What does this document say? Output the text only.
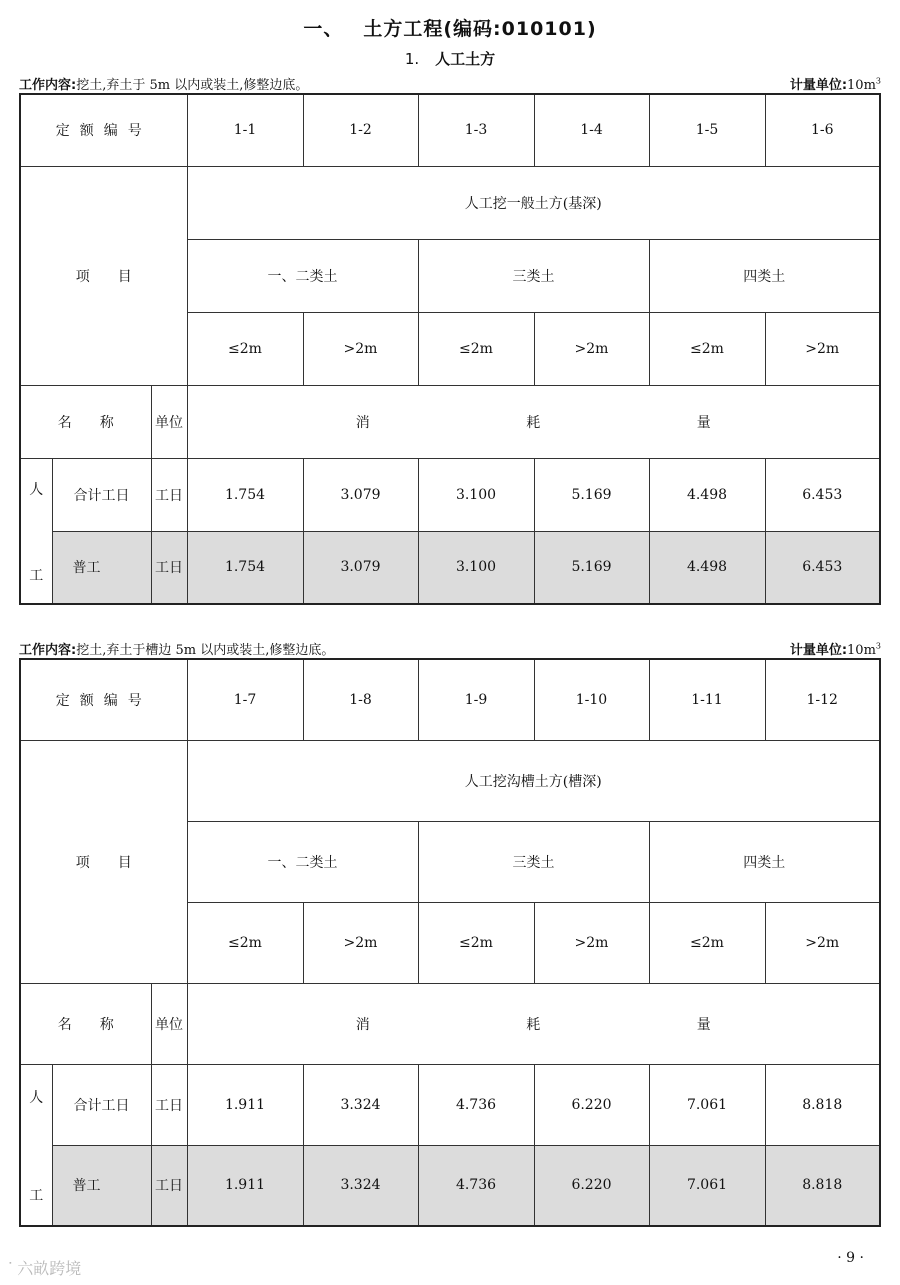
一、 土方工程(编码:010101)
1. 人工土方
工作内容:挖土,弃土于 5m 以内或装土,修整边底。	计量单位$:10m^3$
定额编号			1-1	1-2	1-3	1-4	1-5	1-6
项　　目			人工挖一般土方(基深)					
			一、二类土		三类土		四类土	
			≤2m	>2m	≤2m	>2m	≤2m	>2m
名　　称		单位	消 耗 量					

人
工	合计工日	工日	1.754	3.079	3.100	5.169	4.498	6.453
	普工	工日	1.754	3.079	3.100	5.169	4.498	6.453
工作内容:挖土,弃土于槽边 5m 以内或装土,修整边底。	计量单位$:10m^3$
定额编号			1-7	1-8	1-9	1-10	1-11	1-12
项　　目			人工挖沟槽土方(槽深)					
			一、二类土		三类土		四类土	
			≤2m	>2m	≤2m	>2m	≤2m	>2m
名　　称		单位	消 耗 量					

人
工	合计工日	工日	1.911	3.324	4.736	6.220	7.061	8.818
	普工	工日	1.911	3.324	4.736	6.220	7.061	8.818
ᐝ 六畝跨境
· 9 ·
